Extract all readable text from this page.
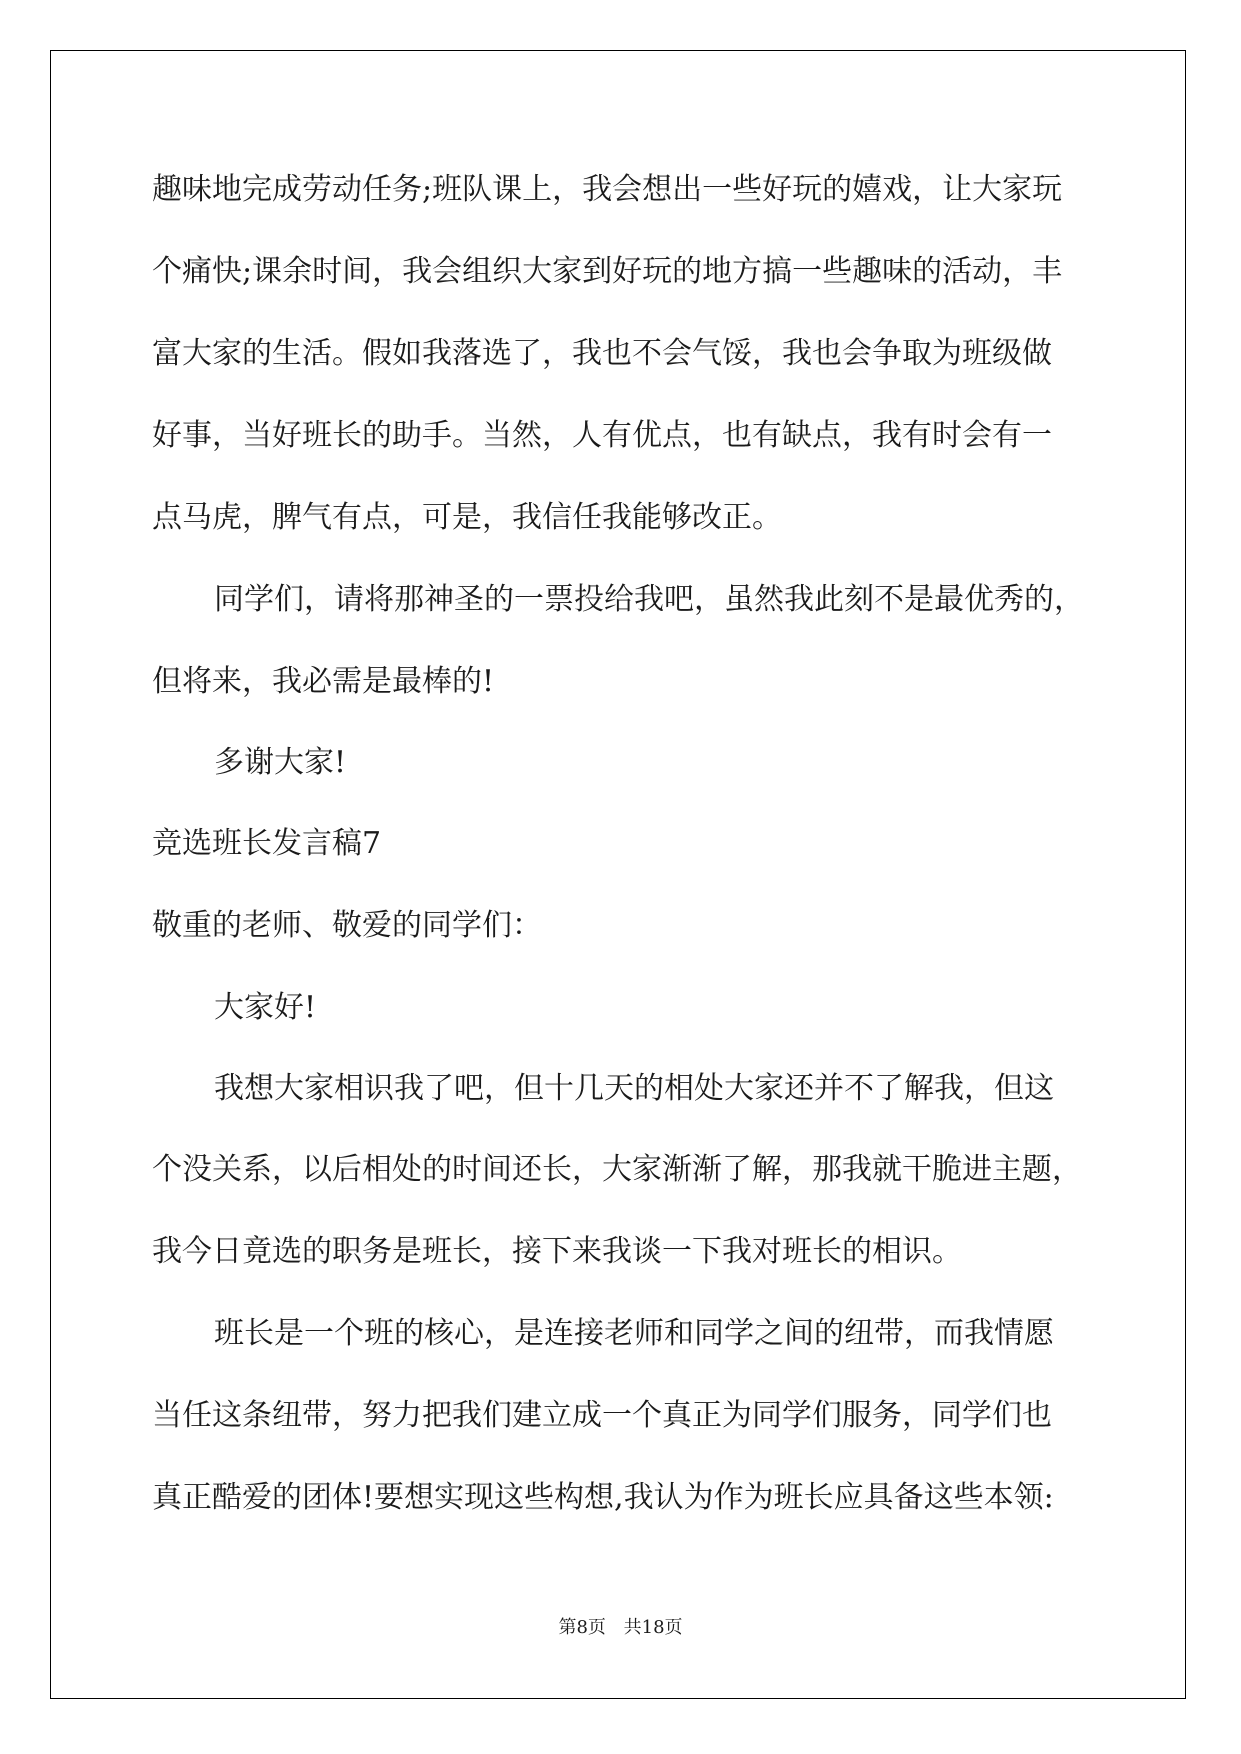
趣味地完成劳动任务;班队课上，我会想出一些好玩的嬉戏，让大家玩
个痛快;课余时间，我会组织大家到好玩的地方搞一些趣味的活动，丰
富大家的生活。假如我落选了，我也不会气馁，我也会争取为班级做
好事，当好班长的助手。当然，人有优点，也有缺点，我有时会有一
点马虎，脾气有点，可是，我信任我能够改正。
同学们，请将那神圣的一票投给我吧，虽然我此刻不是最优秀的，
但将来，我必需是最棒的!
多谢大家!
竞选班长发言稿7
敬重的老师、敬爱的同学们：
大家好!
我想大家相识我了吧，但十几天的相处大家还并不了解我，但这
个没关系，以后相处的时间还长，大家渐渐了解，那我就干脆进主题，
我今日竟选的职务是班长，接下来我谈一下我对班长的相识。
班长是一个班的核心，是连接老师和同学之间的纽带，而我情愿
当任这条纽带，努力把我们建立成一个真正为同学们服务，同学们也
真正酷爱的团体!要想实现这些构想,我认为作为班长应具备这些本领:
第8页 共18页
